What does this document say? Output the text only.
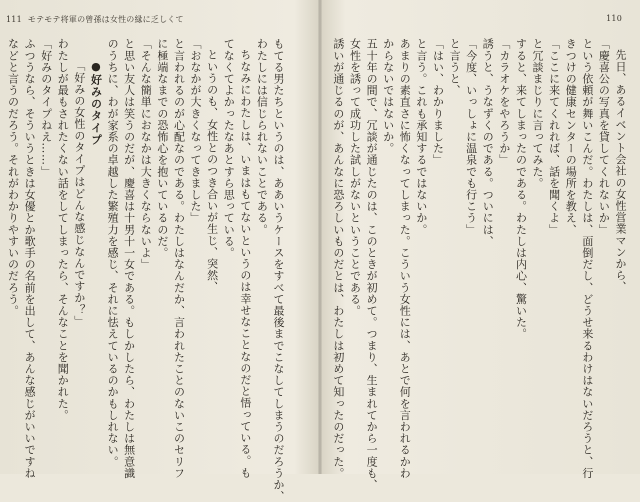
111 モテモテ将軍の曾孫は女性の縁に乏しくて
もてる男たちというのは、ああいうケースをすべて最後までこなしてしまうのだろうか、
わたしには信じられないことである。
ちなみにわたしは、いまはもてないというのは幸せなことなのだと悟っている。も
てなくてよかったなあとすら思っている。
というのも、女性とのつき合いが生じ、突然、
「おなかが大きくなってきました」
と言われるのが心配なのである。わたしはなんだか、言われたことのないこのセリフ
に極端なまでの恐怖心を抱いているのだ。
「そんな簡単におなかは大きくならないよ」
と思い友人は笑うのだが、慶喜は十男十一女である。もしかしたら、わたしは無意識
のうちに、わが家系の卓越した繁殖力を感じ、それに怯えているのかもしれない。
●好みのタイプ
「好みの女性のタイプはどんな感じなんですか？」
わたしが最もされたくない話をしてしまったら、そんなことを聞かれた。
「好みのタイプねえ……」
ふつうなら、そういうときは女優とか歌手の名前を出して、あんな感じがいいですね
などと言うのだろう。それがわかりやすいのだろう。
110
先日、あるイベント会社の女性営業マンから、
「慶喜公の写真を貸してくれないか」
という依頼が舞いこんだ。わたしは、面倒だし、どうせ来るわけはないだろうと、行
きつけの健康センターの場所を教え、
「ここに来てくれれば、話を聞くよ」
と冗談まじりに言ってみた。
すると、来てしまったのである。わたしは内心、驚いた。
「カラオケをやろうか」
誘うと、うなずくのである。ついには、
「今度、いっしょに温泉でも行こう」
と言うと、
「はい、わかりました」
と言う。これも承知するではないか。
あまりの素直さに怖くなってしまった。こういう女性には、あとで何を言われるかわ
からないではないか。
五十年の間で、冗談が通じたのは、このときが初めて。つまり、生まれてから一度も、
女性を誘って成功した試しがないということである。
誘いが通じるのが、あんなに恐ろしいものだとは、わたしは初めて知ったのだった。
